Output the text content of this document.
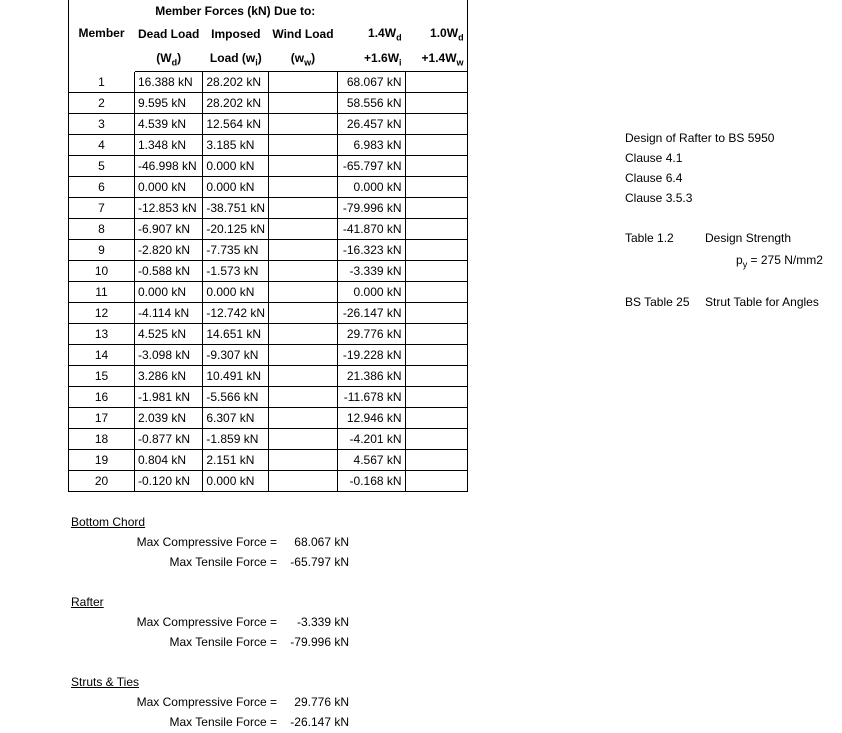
	Member Forces (kN) Due to:				
Member	Dead Load	Imposed	Wind Load	$1.4W_d$	$1.0W_d$
	$(W_d)$	Load $(w_i)$	$(w_w)$	$+1.6W_i$	$+1.4W_w$
1	16.388 kN	28.202 kN		68.067 kN	
2	9.595 kN	28.202 kN		58.556 kN	
3	4.539 kN	12.564 kN		26.457 kN	
4	1.348 kN	3.185 kN		6.983 kN	
5	-46.998 kN	0.000 kN		-65.797 kN	
6	0.000 kN	0.000 kN		0.000 kN	
7	-12.853 kN	-38.751 kN		-79.996 kN	
8	-6.907 kN	-20.125 kN		-41.870 kN	
9	-2.820 kN	-7.735 kN		-16.323 kN	
10	-0.588 kN	-1.573 kN		-3.339 kN	
11	0.000 kN	0.000 kN		0.000 kN	
12	-4.114 kN	-12.742 kN		-26.147 kN	
13	4.525 kN	14.651 kN		29.776 kN	
14	-3.098 kN	-9.307 kN		-19.228 kN	
15	3.286 kN	10.491 kN		21.386 kN	
16	-1.981 kN	-5.566 kN		-11.678 kN	
17	2.039 kN	6.307 kN		12.946 kN	
18	-0.877 kN	-1.859 kN		-4.201 kN	
19	0.804 kN	2.151 kN		4.567 kN	
20	-0.120 kN	0.000 kN		-0.168 kN	
Design of Rafter to BS 5950
Clause 4.1
Clause 6.4
Clause 3.5.3
Table 1.2	Design Strength
$p_y = 275$ N/mm2
BS Table 25 Strut Table for Angles
Bottom Chord
Max Compressive Force = 68.067 kN
Max Tensile Force = -65.797 kN
Rafter
Max Compressive Force = -3.339 kN
Max Tensile Force = -79.996 kN
Struts & Ties
Max Compressive Force = 29.776 kN
Max Tensile Force = -26.147 kN
